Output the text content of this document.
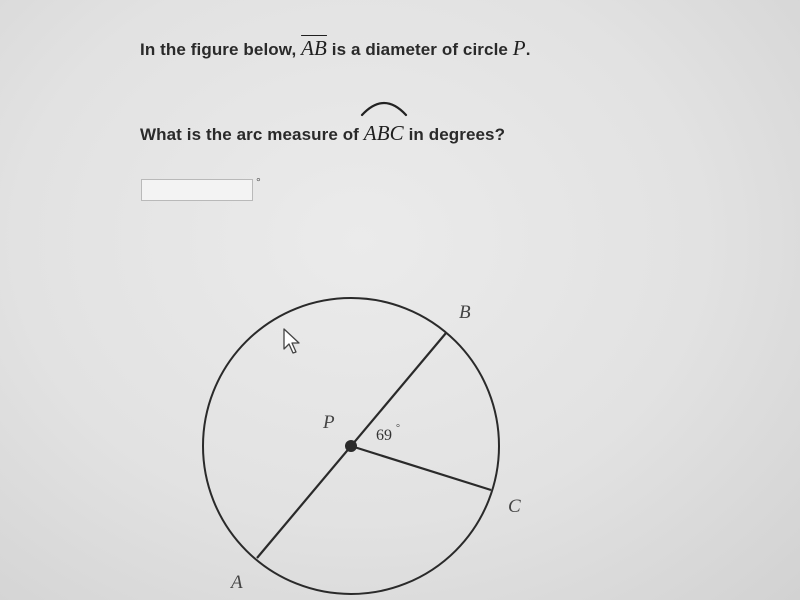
In the figure below, $\overline{AB}$ is a diameter of circle P.
What is the arc measure of ABC in degrees?
°
B
C
A
P
69 °
